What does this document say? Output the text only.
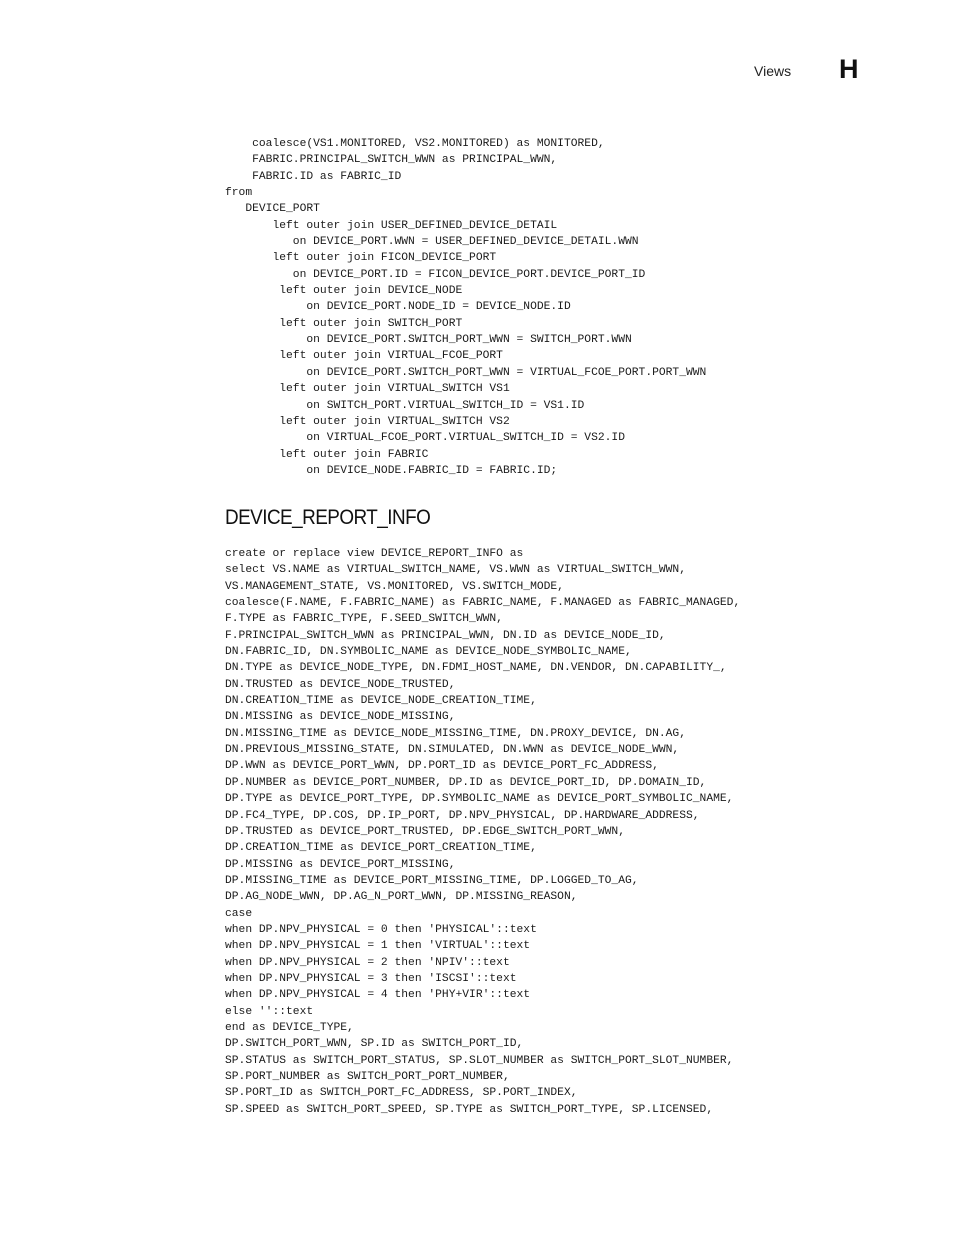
Views H
coalesce(VS1.MONITORED, VS2.MONITORED) as MONITORED,
FABRIC.PRINCIPAL_SWITCH_WWN as PRINCIPAL_WWN,
FABRIC.ID as FABRIC_ID
from
DEVICE_PORT
left outer join USER_DEFINED_DEVICE_DETAIL
on DEVICE_PORT.WWN = USER_DEFINED_DEVICE_DETAIL.WWN
left outer join FICON_DEVICE_PORT
on DEVICE_PORT.ID = FICON_DEVICE_PORT.DEVICE_PORT_ID
left outer join DEVICE_NODE
on DEVICE_PORT.NODE_ID = DEVICE_NODE.ID
left outer join SWITCH_PORT
on DEVICE_PORT.SWITCH_PORT_WWN = SWITCH_PORT.WWN
left outer join VIRTUAL_FCOE_PORT
on DEVICE_PORT.SWITCH_PORT_WWN = VIRTUAL_FCOE_PORT.PORT_WWN
left outer join VIRTUAL_SWITCH VS1
on SWITCH_PORT.VIRTUAL_SWITCH_ID = VS1.ID
left outer join VIRTUAL_SWITCH VS2
on VIRTUAL_FCOE_PORT.VIRTUAL_SWITCH_ID = VS2.ID
left outer join FABRIC
on DEVICE_NODE.FABRIC_ID = FABRIC.ID;
DEVICE_REPORT_INFO
create or replace view DEVICE_REPORT_INFO as
select VS.NAME as VIRTUAL_SWITCH_NAME, VS.WWN as VIRTUAL_SWITCH_WWN,
VS.MANAGEMENT_STATE, VS.MONITORED, VS.SWITCH_MODE,
coalesce(F.NAME, F.FABRIC_NAME) as FABRIC_NAME, F.MANAGED as FABRIC_MANAGED,
F.TYPE as FABRIC_TYPE, F.SEED_SWITCH_WWN,
F.PRINCIPAL_SWITCH_WWN as PRINCIPAL_WWN, DN.ID as DEVICE_NODE_ID,
DN.FABRIC_ID, DN.SYMBOLIC_NAME as DEVICE_NODE_SYMBOLIC_NAME,
DN.TYPE as DEVICE_NODE_TYPE, DN.FDMI_HOST_NAME, DN.VENDOR, DN.CAPABILITY_,
DN.TRUSTED as DEVICE_NODE_TRUSTED,
DN.CREATION_TIME as DEVICE_NODE_CREATION_TIME,
DN.MISSING as DEVICE_NODE_MISSING,
DN.MISSING_TIME as DEVICE_NODE_MISSING_TIME, DN.PROXY_DEVICE, DN.AG,
DN.PREVIOUS_MISSING_STATE, DN.SIMULATED, DN.WWN as DEVICE_NODE_WWN,
DP.WWN as DEVICE_PORT_WWN, DP.PORT_ID as DEVICE_PORT_FC_ADDRESS,
DP.NUMBER as DEVICE_PORT_NUMBER, DP.ID as DEVICE_PORT_ID, DP.DOMAIN_ID,
DP.TYPE as DEVICE_PORT_TYPE, DP.SYMBOLIC_NAME as DEVICE_PORT_SYMBOLIC_NAME,
DP.FC4_TYPE, DP.COS, DP.IP_PORT, DP.NPV_PHYSICAL, DP.HARDWARE_ADDRESS,
DP.TRUSTED as DEVICE_PORT_TRUSTED, DP.EDGE_SWITCH_PORT_WWN,
DP.CREATION_TIME as DEVICE_PORT_CREATION_TIME,
DP.MISSING as DEVICE_PORT_MISSING,
DP.MISSING_TIME as DEVICE_PORT_MISSING_TIME, DP.LOGGED_TO_AG,
DP.AG_NODE_WWN, DP.AG_N_PORT_WWN, DP.MISSING_REASON,
case
when DP.NPV_PHYSICAL = 0 then 'PHYSICAL'::text
when DP.NPV_PHYSICAL = 1 then 'VIRTUAL'::text
when DP.NPV_PHYSICAL = 2 then 'NPIV'::text
when DP.NPV_PHYSICAL = 3 then 'ISCSI'::text
when DP.NPV_PHYSICAL = 4 then 'PHY+VIR'::text
else ''::text
end as DEVICE_TYPE,
DP.SWITCH_PORT_WWN, SP.ID as SWITCH_PORT_ID,
SP.STATUS as SWITCH_PORT_STATUS, SP.SLOT_NUMBER as SWITCH_PORT_SLOT_NUMBER,
SP.PORT_NUMBER as SWITCH_PORT_PORT_NUMBER,
SP.PORT_ID as SWITCH_PORT_FC_ADDRESS, SP.PORT_INDEX,
SP.SPEED as SWITCH_PORT_SPEED, SP.TYPE as SWITCH_PORT_TYPE, SP.LICENSED,
